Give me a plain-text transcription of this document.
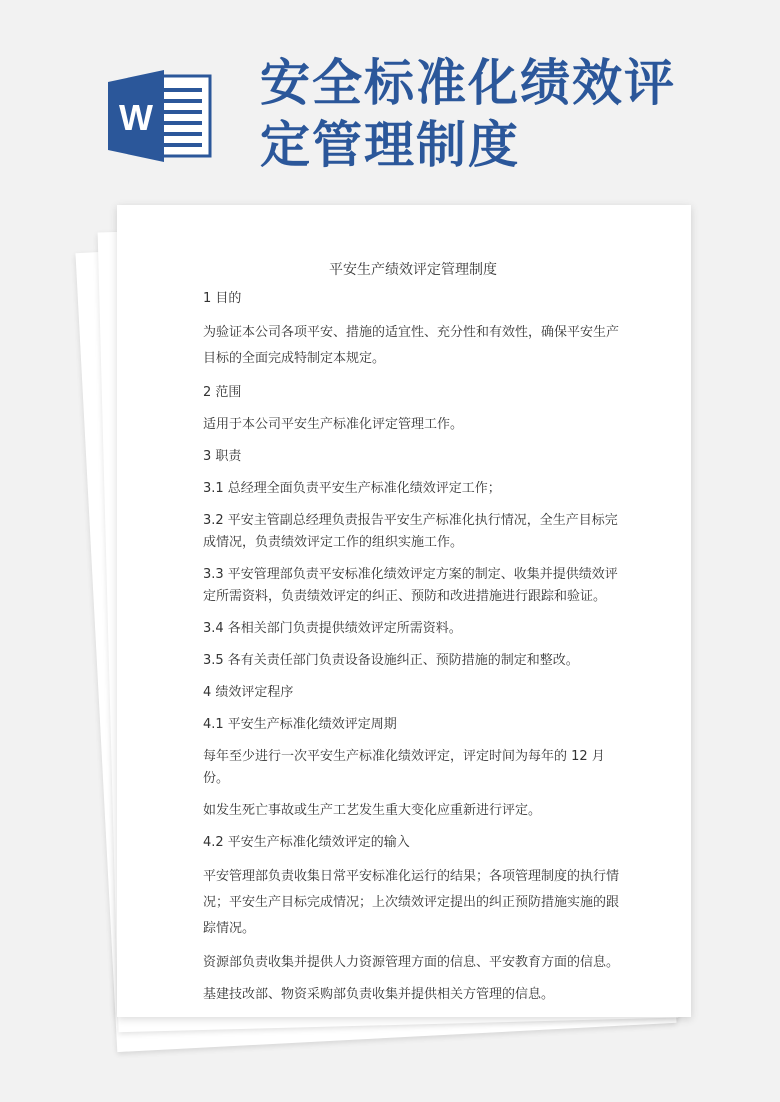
W
安全标准化绩效评
定管理制度
平安生产绩效评定管理制度

1 目的

为验证本公司各项平安、措施的适宜性、充分性和有效性，确保平安生产目标的全面完成特制定本规定。

2 范围

适用于本公司平安生产标准化评定管理工作。

3 职责

3.1 总经理全面负责平安生产标准化绩效评定工作；

3.2 平安主管副总经理负责报告平安生产标准化执行情况，全生产目标完成情况，负责绩效评定工作的组织实施工作。

3.3 平安管理部负责平安标准化绩效评定方案的制定、收集并提供绩效评定所需资料，负责绩效评定的纠正、预防和改进措施进行跟踪和验证。

3.4 各相关部门负责提供绩效评定所需资料。

3.5 各有关责任部门负责设备设施纠正、预防措施的制定和整改。

4 绩效评定程序

4.1 平安生产标准化绩效评定周期

每年至少进行一次平安生产标准化绩效评定，评定时间为每年的 12 月份。

如发生死亡事故或生产工艺发生重大变化应重新进行评定。

4.2 平安生产标准化绩效评定的输入

平安管理部负责收集日常平安标准化运行的结果；各项管理制度的执行情况；平安生产目标完成情况；上次绩效评定提出的纠正预防措施实施的跟踪情况。

资源部负责收集并提供人力资源管理方面的信息、平安教育方面的信息。

基建技改部、物资采购部负责收集并提供相关方管理的信息。
